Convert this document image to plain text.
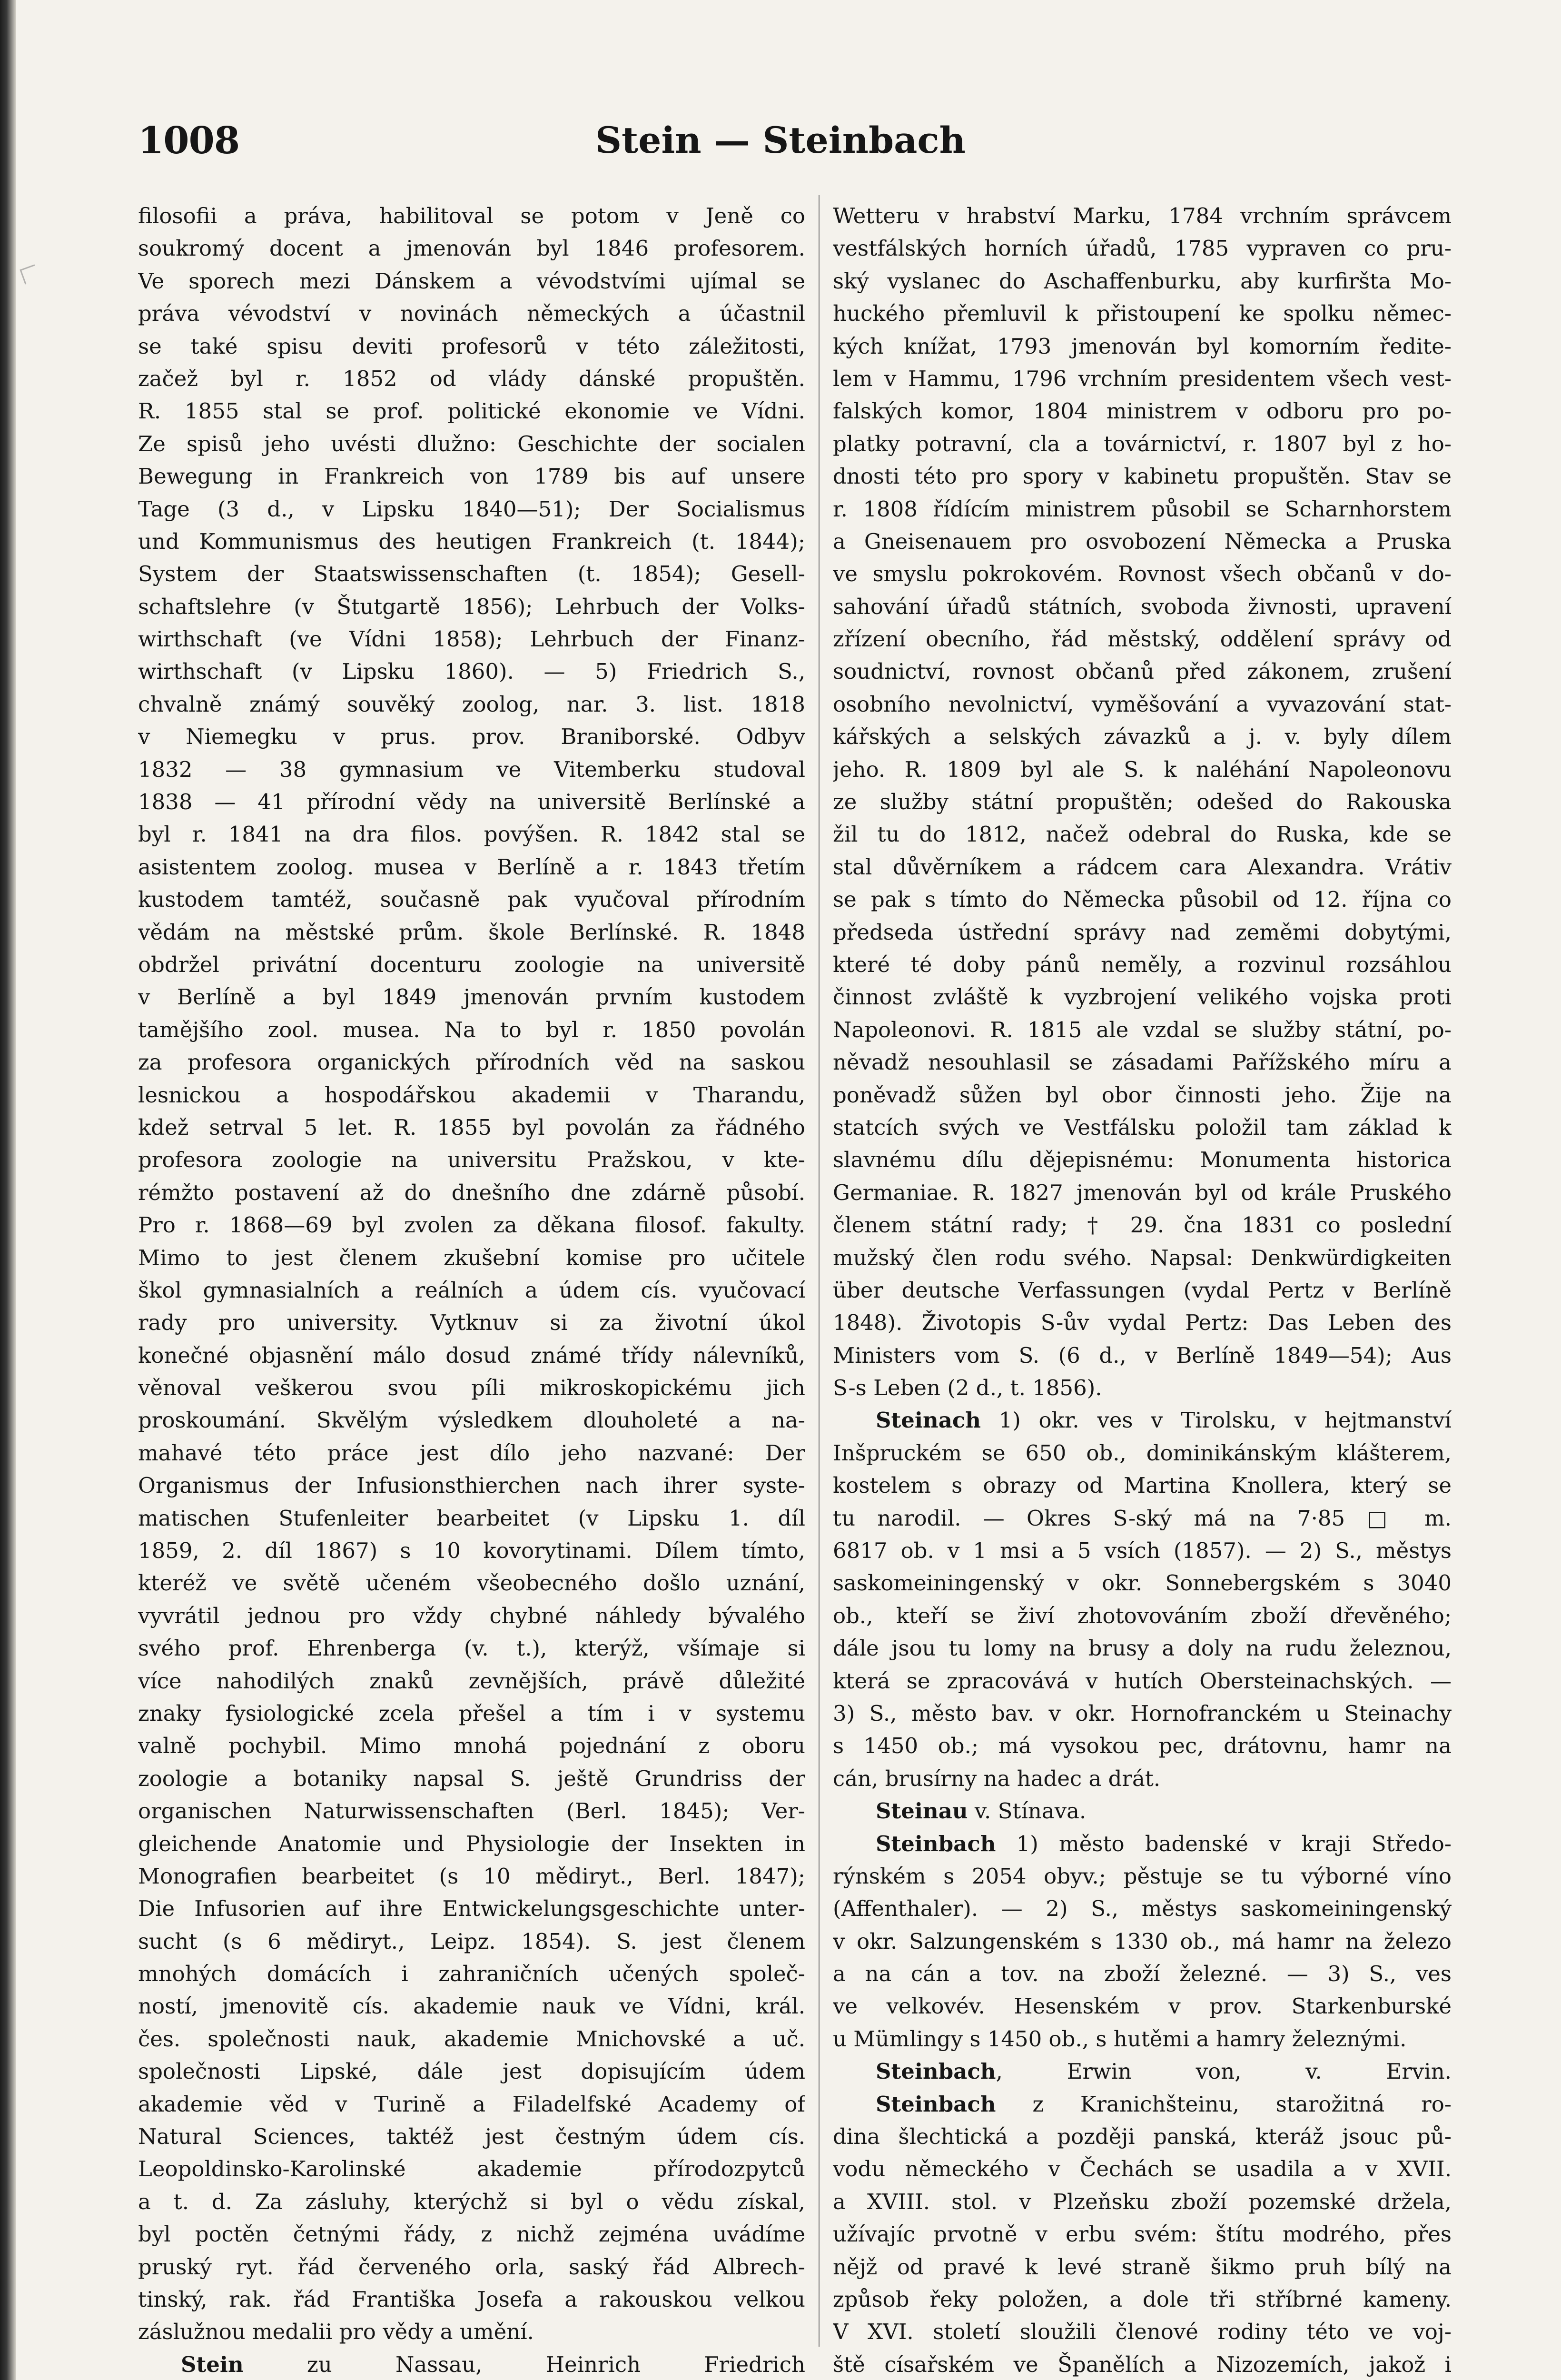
1008	Stein — Steinbach
filosofii a práva, habilitoval se potom v Jeně co
soukromý docent a jmenován byl 1846 profesorem.
Ve sporech mezi Dánskem a vévodstvími ujímal se
práva vévodství v novinách německých a účastnil
se také spisu deviti profesorů v této záležitosti,
začež byl r. 1852 od vlády dánské propuštěn.
R. 1855 stal se prof. politické ekonomie ve Vídni.
Ze spisů jeho uvésti dlužno: Geschichte der socialen
Bewegung in Frankreich von 1789 bis auf unsere
Tage (3 d., v Lipsku 1840—51); Der Socialismus
und Kommunismus des heutigen Frankreich (t. 1844);
System der Staatswissenschaften (t. 1854); Gesell-
schaftslehre (v Štutgartě 1856); Lehrbuch der Volks-
wirthschaft (ve Vídni 1858); Lehrbuch der Finanz-
wirthschaft (v Lipsku 1860). — 5) Friedrich S.,
chvalně známý souvěký zoolog, nar. 3. list. 1818
v Niemegku v prus. prov. Braniborské. Odbyv
1832 — 38 gymnasium ve Vitemberku studoval
1838 — 41 přírodní vědy na universitě Berlínské a
byl r. 1841 na dra filos. povýšen. R. 1842 stal se
asistentem zoolog. musea v Berlíně a r. 1843 třetím
kustodem tamtéž, současně pak vyučoval přírodním
vědám na městské prům. škole Berlínské. R. 1848
obdržel privátní docenturu zoologie na universitě
v Berlíně a byl 1849 jmenován prvním kustodem
tamějšího zool. musea. Na to byl r. 1850 povolán
za profesora organických přírodních věd na saskou
lesnickou a hospodářskou akademii v Tharandu,
kdež setrval 5 let. R. 1855 byl povolán za řádného
profesora zoologie na universitu Pražskou, v kte-
rémžto postavení až do dnešního dne zdárně působí.
Pro r. 1868—69 byl zvolen za děkana filosof. fakulty.
Mimo to jest členem zkušební komise pro učitele
škol gymnasialních a reálních a údem cís. vyučovací
rady pro university. Vytknuv si za životní úkol
konečné objasnění málo dosud známé třídy nálevníků,
věnoval veškerou svou píli mikroskopickému jich
proskoumání. Skvělým výsledkem dlouholeté a na-
mahavé této práce jest dílo jeho nazvané: Der
Organismus der Infusionsthierchen nach ihrer syste-
matischen Stufenleiter bearbeitet (v Lipsku 1. díl
1859, 2. díl 1867) s 10 kovorytinami. Dílem tímto,
kteréž ve světě učeném všeobecného došlo uznání,
vyvrátil jednou pro vždy chybné náhledy bývalého
svého prof. Ehrenberga (v. t.), kterýž, všímaje si
více nahodilých znaků zevnějších, právě důležité
znaky fysiologické zcela přešel a tím i v systemu
valně pochybil. Mimo mnohá pojednání z oboru
zoologie a botaniky napsal S. ještě Grundriss der
organischen Naturwissenschaften (Berl. 1845); Ver-
gleichende Anatomie und Physiologie der Insekten in
Monografien bearbeitet (s 10 mědiryt., Berl. 1847);
Die Infusorien auf ihre Entwickelungsgeschichte unter-
sucht (s 6 mědiryt., Leipz. 1854). S. jest členem
mnohých domácích i zahraničních učených společ-
ností, jmenovitě cís. akademie nauk ve Vídni, král.
čes. společnosti nauk, akademie Mnichovské a uč.
společnosti Lipské, dále jest dopisujícím údem
akademie věd v Turině a Filadelfské Academy of
Natural Sciences, taktéž jest čestným údem cís.
Leopoldinsko-Karolinské akademie přírodozpytců
a t. d. Za zásluhy, kterýchž si byl o vědu získal,
byl poctěn četnými řády, z nichž zejména uvádíme
pruský ryt. řád červeného orla, saský řád Albrech-
tinský, rak. řád Františka Josefa a rakouskou velkou
záslužnou medalii pro vědy a umění.
Stein zu Nassau, Heinrich Friedrich
Wetteru v hrabství Marku, 1784 vrchním správcem
vestfálských horních úřadů, 1785 vypraven co pru-
ský vyslanec do Aschaffenburku, aby kurfiršta Mo-
huckého přemluvil k přistoupení ke spolku němec-
kých knížat, 1793 jmenován byl komorním ředite-
lem v Hammu, 1796 vrchním presidentem všech vest-
falských komor, 1804 ministrem v odboru pro po-
platky potravní, cla a továrnictví, r. 1807 byl z ho-
dnosti této pro spory v kabinetu propuštěn. Stav se
r. 1808 řídícím ministrem působil se Scharnhorstem
a Gneisenauem pro osvobození Německa a Pruska
ve smyslu pokrokovém. Rovnost všech občanů v do-
sahování úřadů státních, svoboda živnosti, upravení
zřízení obecního, řád městský, oddělení správy od
soudnictví, rovnost občanů před zákonem, zrušení
osobního nevolnictví, vyměšování a vyvazování stat-
kářských a selských závazků a j. v. byly dílem
jeho. R. 1809 byl ale S. k naléhání Napoleonovu
ze služby státní propuštěn; odešed do Rakouska
žil tu do 1812, načež odebral do Ruska, kde se
stal důvěrníkem a rádcem cara Alexandra. Vrátiv
se pak s tímto do Německa působil od 12. října co
předseda ústřední správy nad zeměmi dobytými,
které té doby pánů neměly, a rozvinul rozsáhlou
činnost zvláště k vyzbrojení velikého vojska proti
Napoleonovi. R. 1815 ale vzdal se služby státní, po-
něvadž nesouhlasil se zásadami Pařížského míru a
poněvadž sůžen byl obor činnosti jeho. Žije na
statcích svých ve Vestfálsku položil tam základ k
slavnému dílu dějepisnému: Monumenta historica
Germaniae. R. 1827 jmenován byl od krále Pruského
členem státní rady; † 29. čna 1831 co poslední
mužský člen rodu svého. Napsal: Denkwürdigkeiten
über deutsche Verfassungen (vydal Pertz v Berlíně
1848). Životopis S-ův vydal Pertz: Das Leben des
Ministers vom S. (6 d., v Berlíně 1849—54); Aus
S-s Leben (2 d., t. 1856).
Steinach 1) okr. ves v Tirolsku, v hejtmanství
Inšpruckém se 650 ob., dominikánským klášterem,
kostelem s obrazy od Martina Knollera, který se
tu narodil. — Okres S-ský má na 7·85 □ m.
6817 ob. v 1 msi a 5 vsích (1857). — 2) S., městys
saskomeiningenský v okr. Sonnebergském s 3040
ob., kteří se živí zhotovováním zboží dřevěného;
dále jsou tu lomy na brusy a doly na rudu železnou,
která se zpracovává v hutích Obersteinachských. —
3) S., město bav. v okr. Hornofranckém u Steinachy
s 1450 ob.; má vysokou pec, drátovnu, hamr na
cán, brusírny na hadec a drát.
Steinau v. Stínava.
Steinbach 1) město badenské v kraji Středo-
rýnském s 2054 obyv.; pěstuje se tu výborné víno
(Affenthaler). — 2) S., městys saskomeiningenský
v okr. Salzungenském s 1330 ob., má hamr na železo
a na cán a tov. na zboží železné. — 3) S., ves
ve velkovév. Hesenském v prov. Starkenburské
u Mümlingy s 1450 ob., s hutěmi a hamry železnými.
Steinbach, Erwin von, v. Ervin.
Steinbach z Kranichšteinu, starožitná ro-
dina šlechtická a později panská, kteráž jsouc pů-
vodu německého v Čechách se usadila a v XVII.
a XVIII. stol. v Plzeňsku zboží pozemské držela,
užívajíc prvotně v erbu svém: štítu modrého, přes
nějž od pravé k levé straně šikmo pruh bílý na
způsob řeky položen, a dole tři stříbrné kameny.
V XVI. století sloužili členové rodiny této ve voj-
ště císařském ve Španělích a Nizozemích, jakož i
